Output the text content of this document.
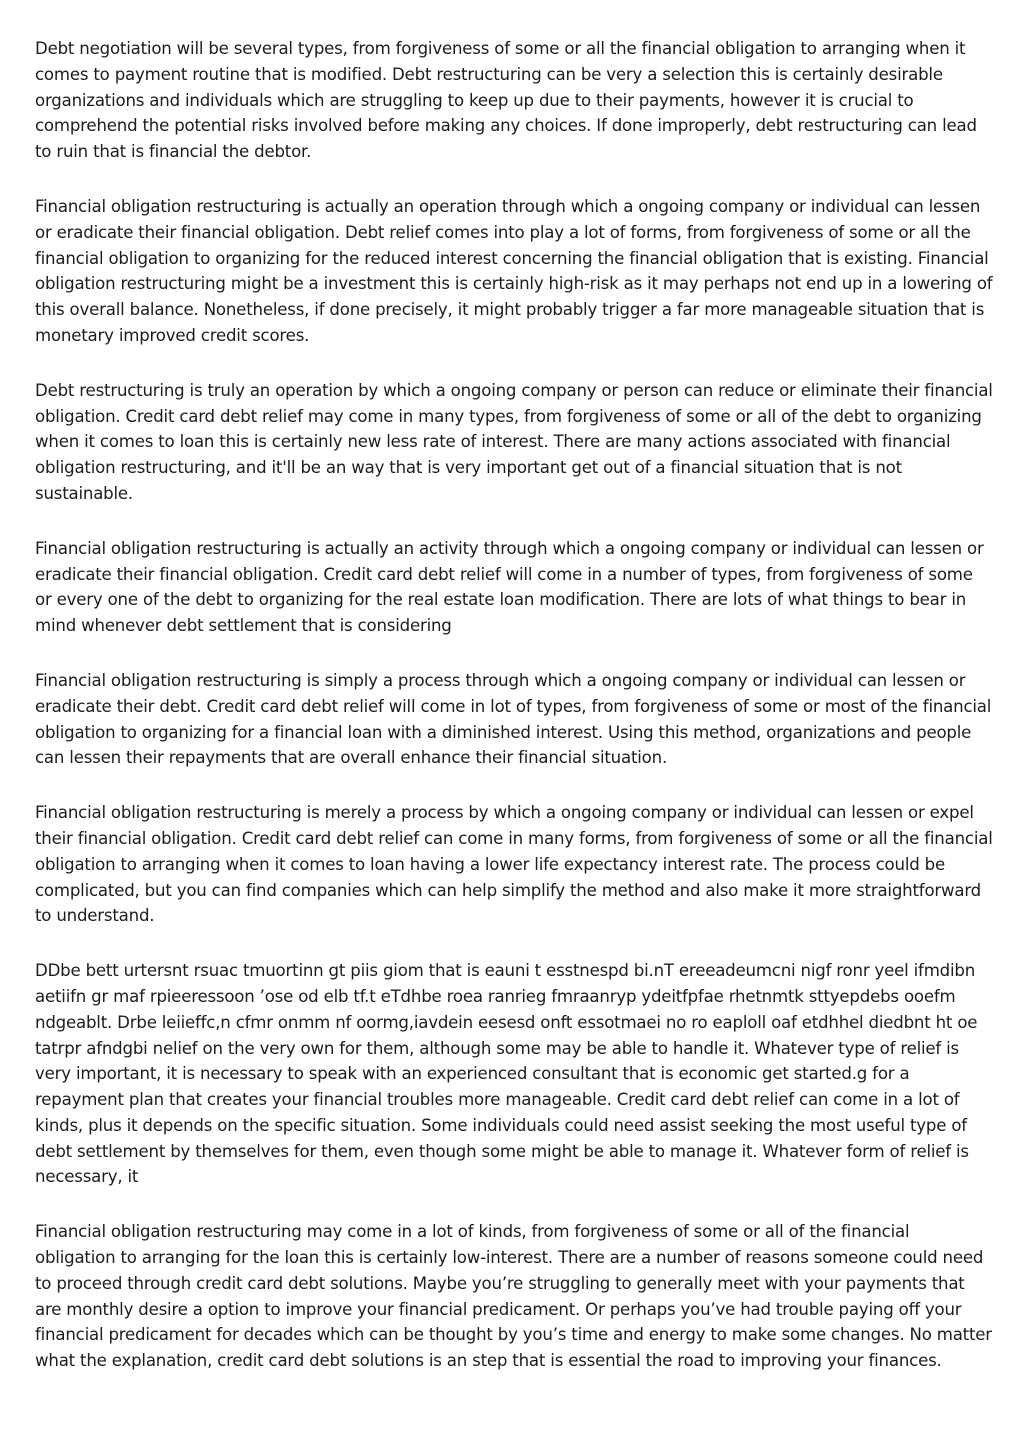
Debt negotiation will be several types, from forgiveness of some or all the financial obligation to arranging when it comes to payment routine that is modified. Debt restructuring can be very a selection this is certainly desirable organizations and individuals which are struggling to keep up due to their payments, however it is crucial to comprehend the potential risks involved before making any choices. If done improperly, debt restructuring can lead to ruin that is financial the debtor.

Financial obligation restructuring is actually an operation through which a ongoing company or individual can lessen or eradicate their financial obligation. Debt relief comes into play a lot of forms, from forgiveness of some or all the financial obligation to organizing for the reduced interest concerning the financial obligation that is existing. Financial obligation restructuring might be a investment this is certainly high-risk as it may perhaps not end up in a lowering of this overall balance. Nonetheless, if done precisely, it might probably trigger a far more manageable situation that is monetary improved credit scores.

Debt restructuring is truly an operation by which a ongoing company or person can reduce or eliminate their financial obligation. Credit card debt relief may come in many types, from forgiveness of some or all of the debt to organizing when it comes to loan this is certainly new less rate of interest. There are many actions associated with financial obligation restructuring, and it'll be an way that is very important get out of a financial situation that is not sustainable.

Financial obligation restructuring is actually an activity through which a ongoing company or individual can lessen or eradicate their financial obligation. Credit card debt relief will come in a number of types, from forgiveness of some or every one of the debt to organizing for the real estate loan modification. There are lots of what things to bear in mind whenever debt settlement that is considering

Financial obligation restructuring is simply a process through which a ongoing company or individual can lessen or eradicate their debt. Credit card debt relief will come in lot of types, from forgiveness of some or most of the financial obligation to organizing for a financial loan with a diminished interest. Using this method, organizations and people can lessen their repayments that are overall enhance their financial situation.

Financial obligation restructuring is merely a process by which a ongoing company or individual can lessen or expel their financial obligation. Credit card debt relief can come in many forms, from forgiveness of some or all the financial obligation to arranging when it comes to loan having a lower life expectancy interest rate. The process could be complicated, but you can find companies which can help simplify the method and also make it more straightforward to understand.

DDbe bett urtersnt rsuac tmuortinn gt piis giom that is eauni t esstnespd bi.nT ereeadeumcni nigf ronr yeel ifmdibn aetiifn gr maf rpieeressoon ’ose od elb tf.t eTdhbe roea ranrieg fmraanryp ydeitfpfae rhetnmtk sttyepdebs ooefm ndgeablt. Drbe leiieffc,n cfmr onmm nf oormg,iavdein eesesd onft essotmaei no ro eaploll oaf etdhhel diedbnt ht oe tatrpr afndgbi nelief on the very own for them, although some may be able to handle it. Whatever type of relief is very important, it is necessary to speak with an experienced consultant that is economic get started.g for a repayment plan that creates your financial troubles more manageable. Credit card debt relief can come in a lot of kinds, plus it depends on the specific situation. Some individuals could need assist seeking the most useful type of debt settlement by themselves for them, even though some might be able to manage it. Whatever form of relief is necessary, it

Financial obligation restructuring may come in a lot of kinds, from forgiveness of some or all of the financial obligation to arranging for the loan this is certainly low-interest. There are a number of reasons someone could need to proceed through credit card debt solutions. Maybe you’re struggling to generally meet with your payments that are monthly desire a option to improve your financial predicament. Or perhaps you’ve had trouble paying off your financial predicament for decades which can be thought by you’s time and energy to make some changes. No matter what the explanation, credit card debt solutions is an step that is essential the road to improving your finances.
